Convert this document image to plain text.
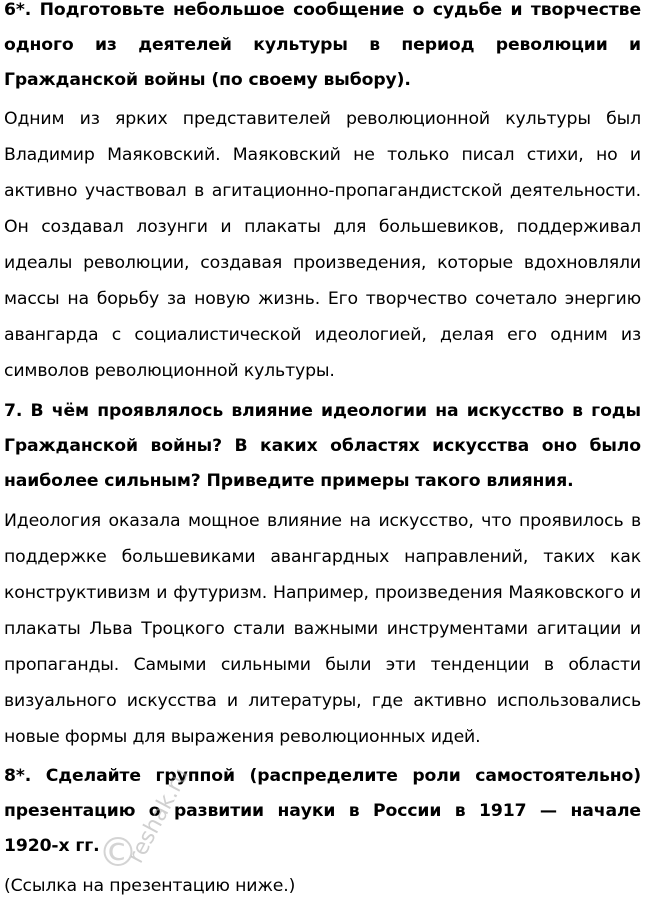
6*. Подготовьте небольшое сообщение о судьбе и творчестве
одного из деятелей культуры в период революции и
Гражданской войны (по своему выбору).
Одним из ярких представителей революционной культуры был
Владимир Маяковский. Маяковский не только писал стихи, но и
активно участвовал в агитационно-пропагандистской деятельности.
Он создавал лозунги и плакаты для большевиков, поддерживал
идеалы революции, создавая произведения, которые вдохновляли
массы на борьбу за новую жизнь. Его творчество сочетало энергию
авангарда с социалистической идеологией, делая его одним из
символов революционной культуры.
7. В чём проявлялось влияние идеологии на искусство в годы
Гражданской войны? В каких областях искусства оно было
наиболее сильным? Приведите примеры такого влияния.
Идеология оказала мощное влияние на искусство, что проявилось в
поддержке большевиками авангардных направлений, таких как
конструктивизм и футуризм. Например, произведения Маяковского и
плакаты Льва Троцкого стали важными инструментами агитации и
пропаганды. Самыми сильными были эти тенденции в области
визуального искусства и литературы, где активно использовались
новые формы для выражения революционных идей.
8*. Сделайте группой (распределите роли самостоятельно)
презентацию о развитии науки в России в 1917 — начале
1920-х гг.
(Ссылка на презентацию ниже.)
reshak.ru
©
